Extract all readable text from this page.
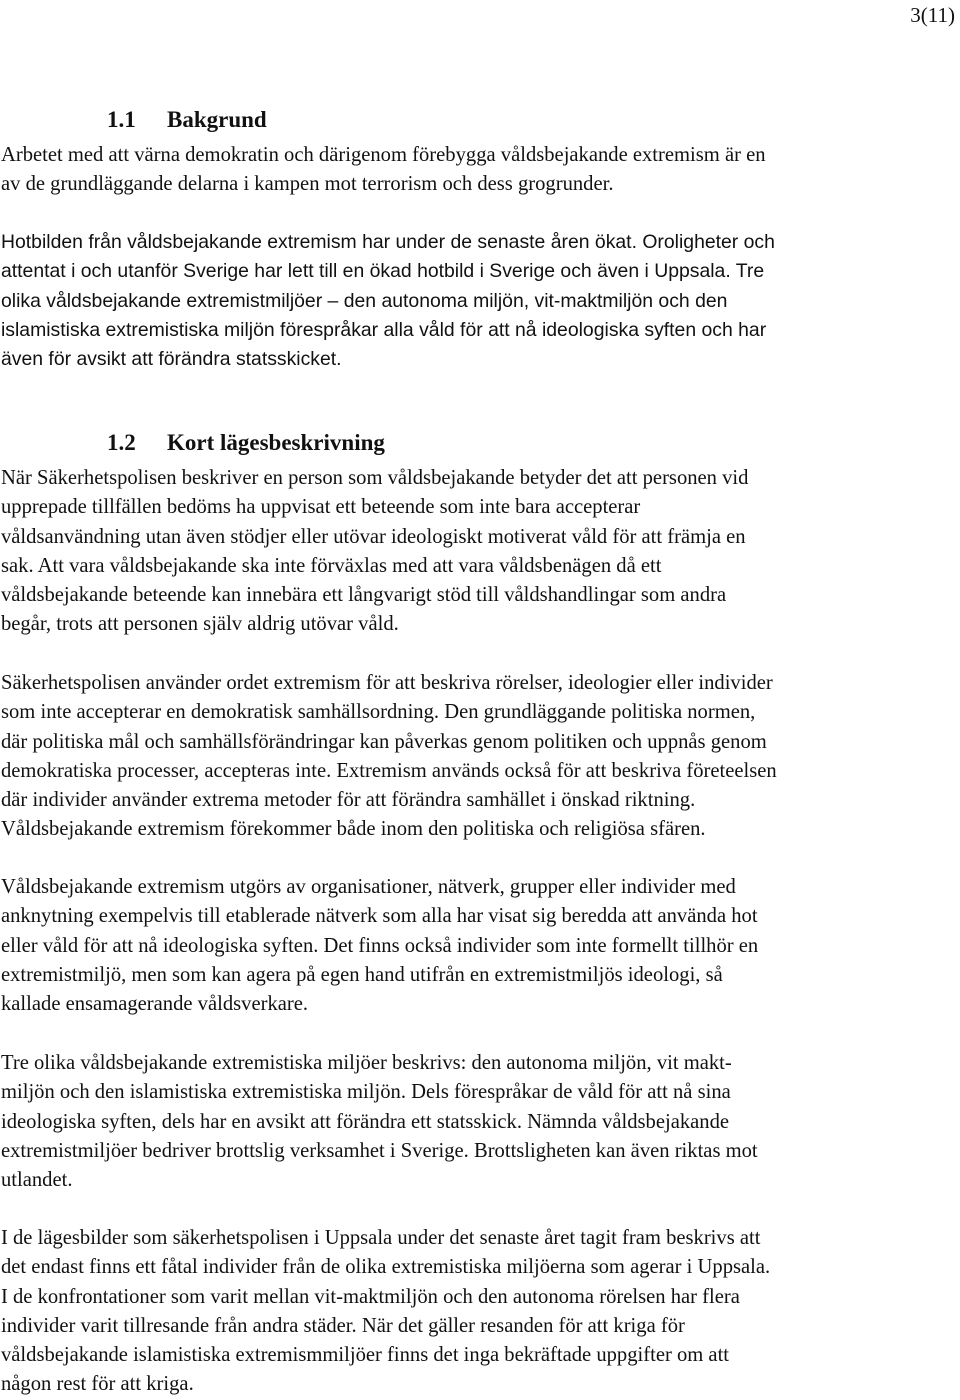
3(11)
1.1 Bakgrund
Arbetet med att värna demokratin och därigenom förebygga våldsbejakande extremism är en
av de grundläggande delarna i kampen mot terrorism och dess grogrunder.
Hotbilden från våldsbejakande extremism har under de senaste åren ökat. Oroligheter och
attentat i och utanför Sverige har lett till en ökad hotbild i Sverige och även i Uppsala. Tre
olika våldsbejakande extremistmiljöer – den autonoma miljön, vit-maktmiljön och den
islamistiska extremistiska miljön förespråkar alla våld för att nå ideologiska syften och har
även för avsikt att förändra statsskicket.
1.2 Kort lägesbeskrivning
När Säkerhetspolisen beskriver en person som våldsbejakande betyder det att personen vid
upprepade tillfällen bedöms ha uppvisat ett beteende som inte bara accepterar
våldsanvändning utan även stödjer eller utövar ideologiskt motiverat våld för att främja en
sak. Att vara våldsbejakande ska inte förväxlas med att vara våldsbenägen då ett
våldsbejakande beteende kan innebära ett långvarigt stöd till våldshandlingar som andra
begår, trots att personen själv aldrig utövar våld.
Säkerhetspolisen använder ordet extremism för att beskriva rörelser, ideologier eller individer
som inte accepterar en demokratisk samhällsordning. Den grundläggande politiska normen,
där politiska mål och samhällsförändringar kan påverkas genom politiken och uppnås genom
demokratiska processer, accepteras inte. Extremism används också för att beskriva företeelsen
där individer använder extrema metoder för att förändra samhället i önskad riktning.
Våldsbejakande extremism förekommer både inom den politiska och religiösa sfären.
Våldsbejakande extremism utgörs av organisationer, nätverk, grupper eller individer med
anknytning exempelvis till etablerade nätverk som alla har visat sig beredda att använda hot
eller våld för att nå ideologiska syften. Det finns också individer som inte formellt tillhör en
extremistmiljö, men som kan agera på egen hand utifrån en extremistmiljös ideologi, så
kallade ensamagerande våldsverkare.
Tre olika våldsbejakande extremistiska miljöer beskrivs: den autonoma miljön, vit makt-
miljön och den islamistiska extremistiska miljön. Dels förespråkar de våld för att nå sina
ideologiska syften, dels har en avsikt att förändra ett statsskick. Nämnda våldsbejakande
extremistmiljöer bedriver brottslig verksamhet i Sverige. Brottsligheten kan även riktas mot
utlandet.
I de lägesbilder som säkerhetspolisen i Uppsala under det senaste året tagit fram beskrivs att
det endast finns ett fåtal individer från de olika extremistiska miljöerna som agerar i Uppsala.
I de konfrontationer som varit mellan vit-maktmiljön och den autonoma rörelsen har flera
individer varit tillresande från andra städer. När det gäller resanden för att kriga för
våldsbejakande islamistiska extremismmiljöer finns det inga bekräftade uppgifter om att
någon rest för att kriga.
